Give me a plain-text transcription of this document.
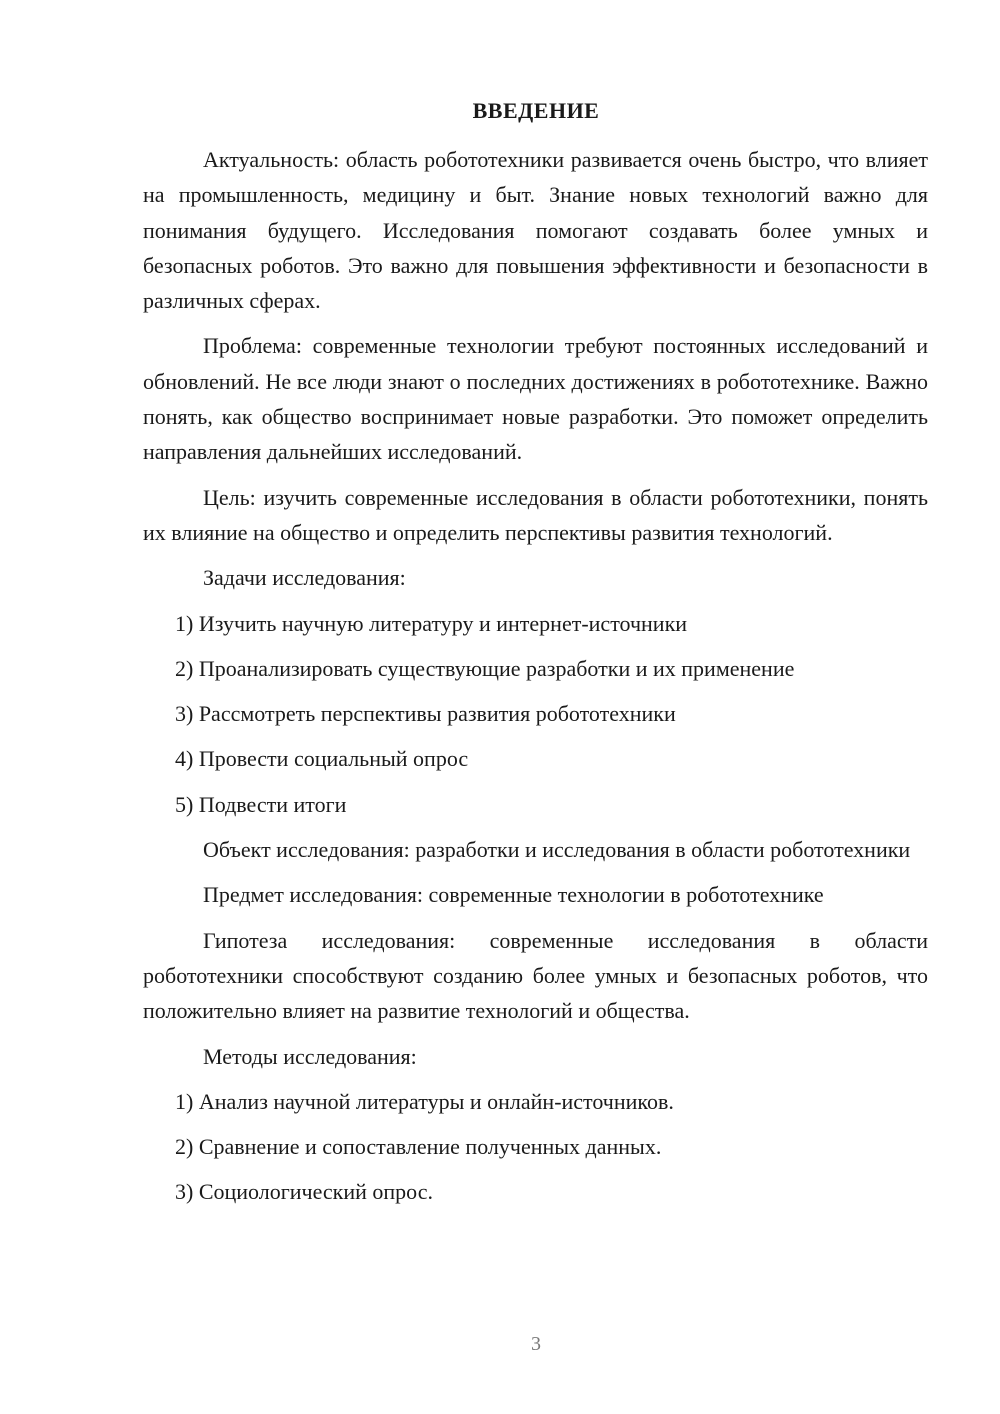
ВВЕДЕНИЕ

Актуальность: область робототехники развивается очень быстро, что влияет на промышленность, медицину и быт. Знание новых технологий важно для понимания будущего. Исследования помогают создавать более умных и безопасных роботов. Это важно для повышения эффективности и безопасности в различных сферах.

Проблема: современные технологии требуют постоянных исследований и обновлений. Не все люди знают о последних достижениях в робототехнике. Важно понять, как общество воспринимает новые разработки. Это поможет определить направления дальнейших исследований.

Цель: изучить современные исследования в области робототехники, понять их влияние на общество и определить перспективы развития технологий.

Задачи исследования:

1) Изучить научную литературу и интернет-источники
2) Проанализировать существующие разработки и их применение
3) Рассмотреть перспективы развития робототехники
4) Провести социальный опрос
5) Подвести итоги

Объект исследования: разработки и исследования в области робототехники

Предмет исследования: современные технологии в робототехнике

Гипотеза исследования: современные исследования в области робототехники способствуют созданию более умных и безопасных роботов, что положительно влияет на развитие технологий и общества.

Методы исследования:

1) Анализ научной литературы и онлайн-источников.
2) Сравнение и сопоставление полученных данных.
3) Социологический опрос.
3
